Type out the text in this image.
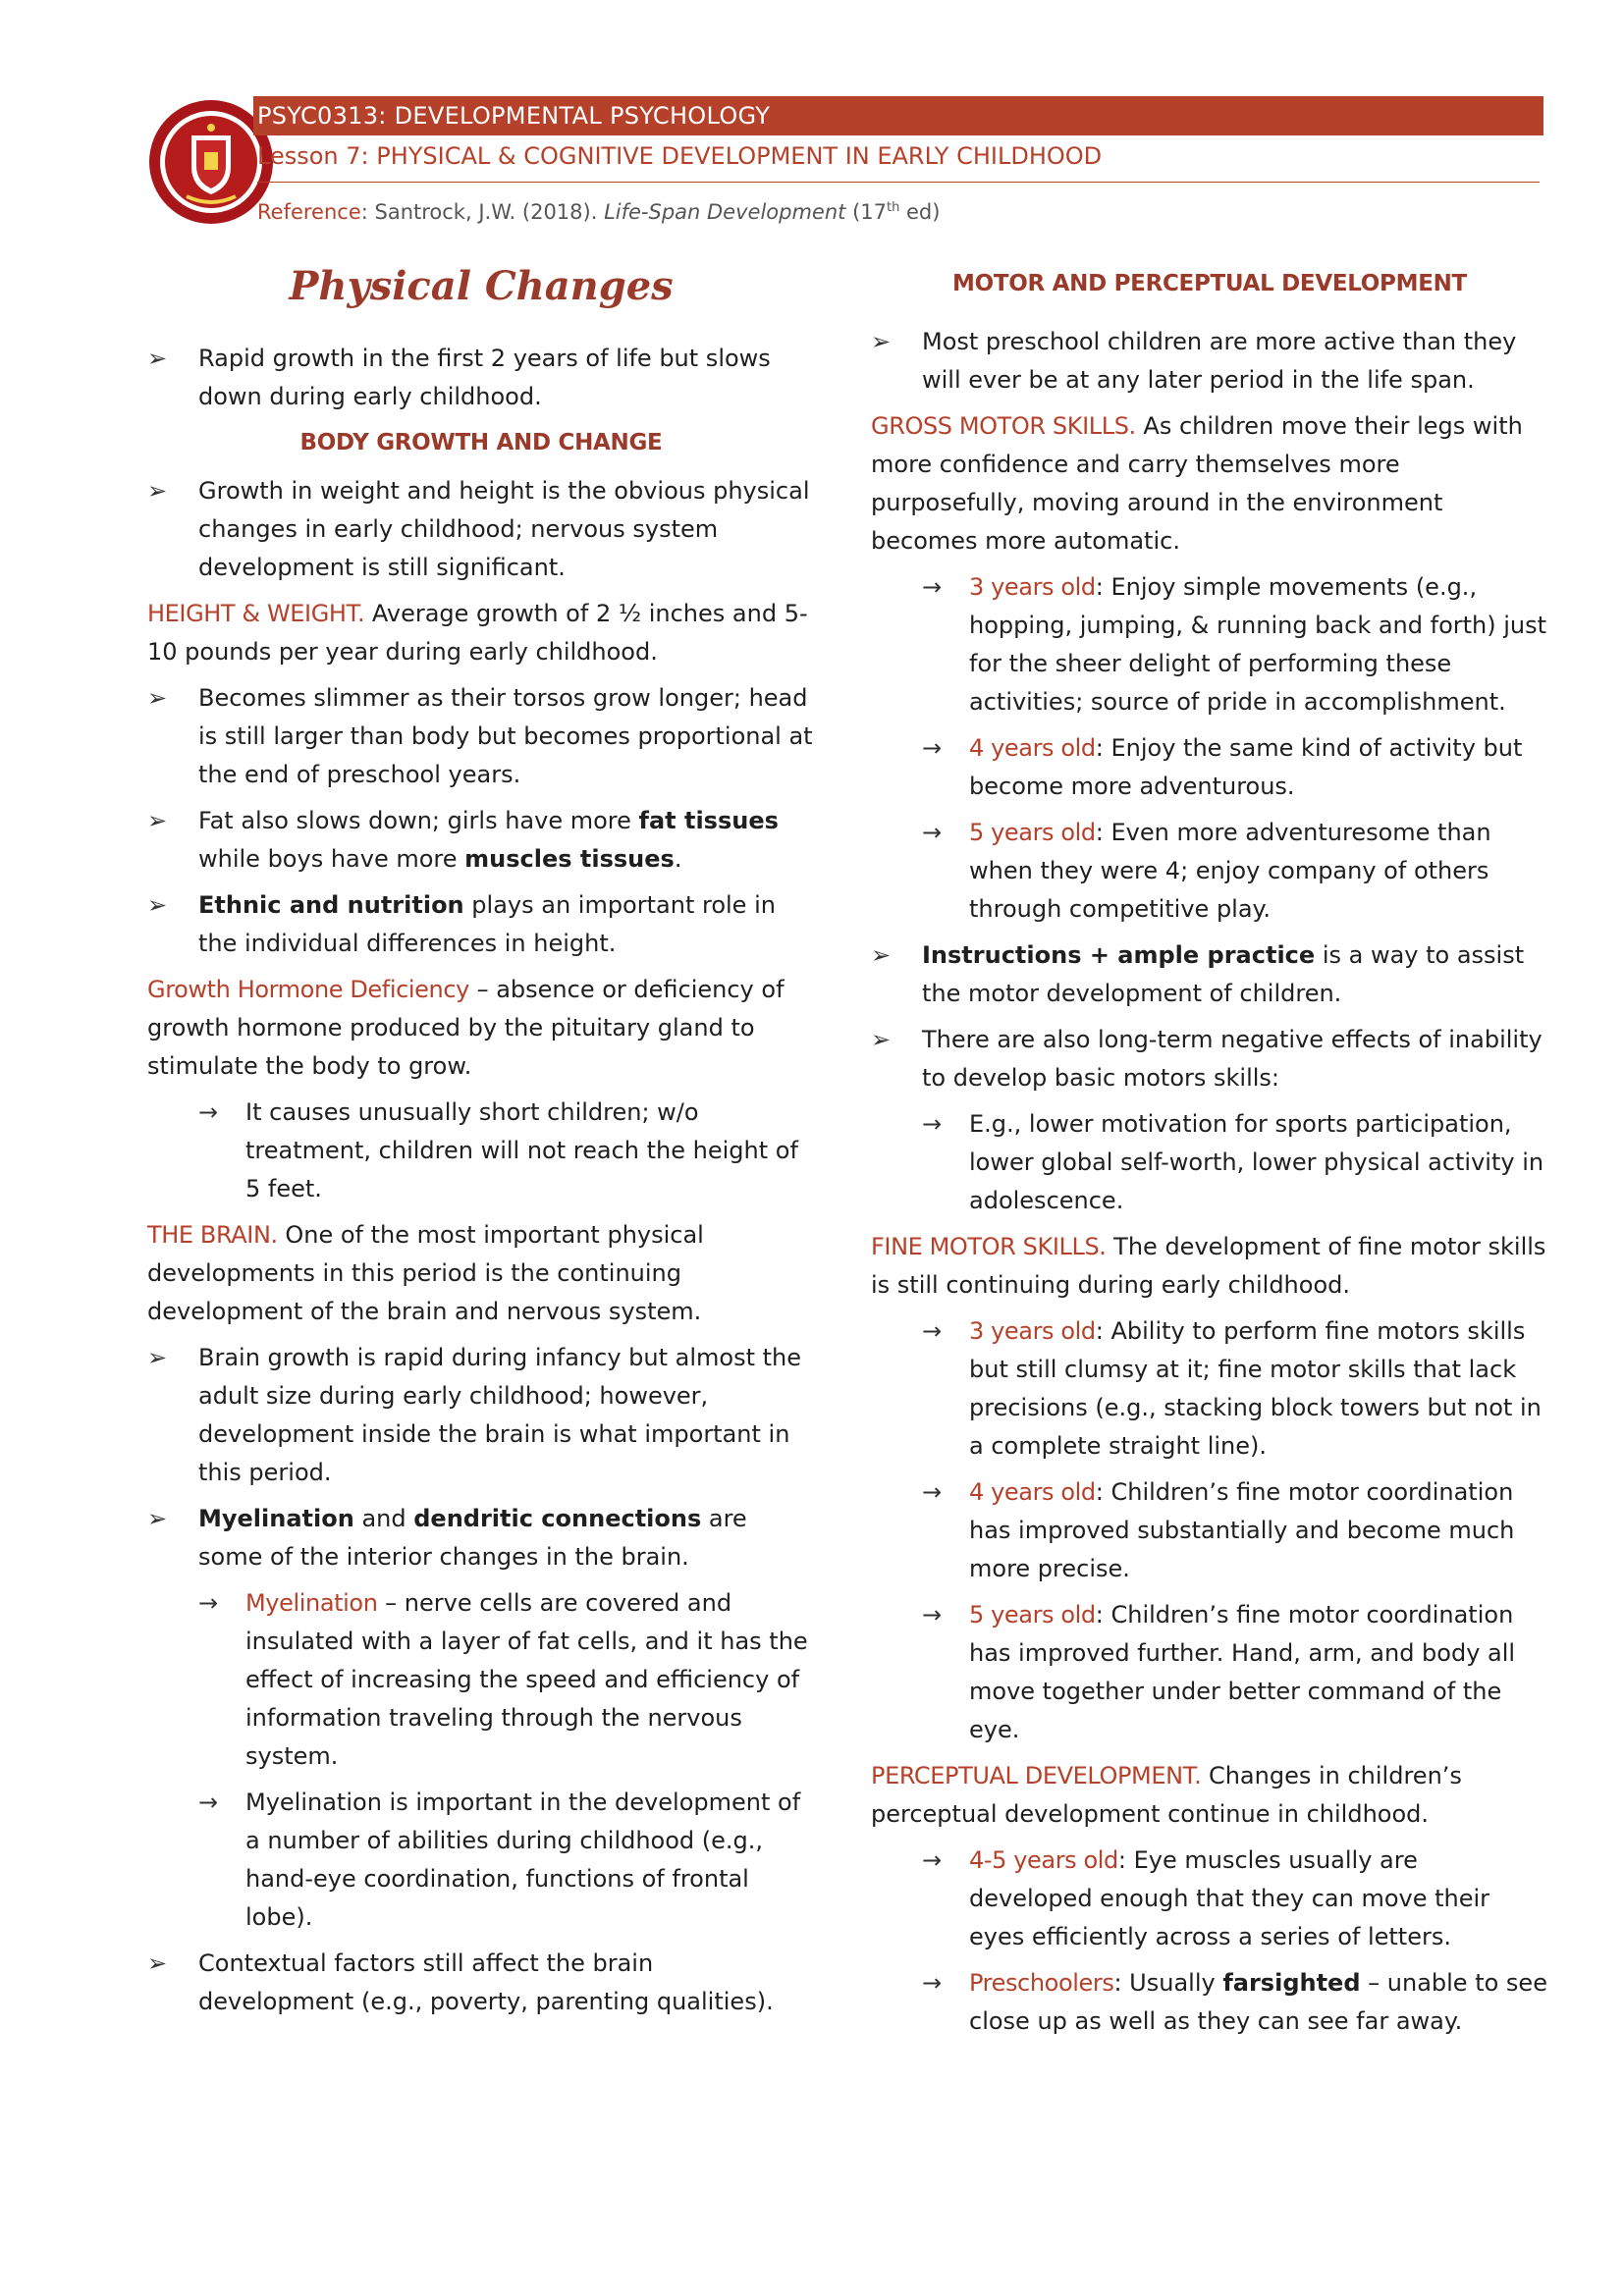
PSYC0313: DEVELOPMENTAL PSYCHOLOGY
Lesson 7: PHYSICAL & COGNITIVE DEVELOPMENT IN EARLY CHILDHOOD
Reference: Santrock, J.W. (2018). Life-Span Development (17th ed)
Physical Changes
➢ Rapid growth in the first 2 years of life but slows down during early childhood.
BODY GROWTH AND CHANGE
➢ Growth in weight and height is the obvious physical changes in early childhood; nervous system development is still significant.

HEIGHT & WEIGHT. Average growth of 2 ½ inches and 5-10 pounds per year during early childhood.

➢ Becomes slimmer as their torsos grow longer; head is still larger than body but becomes proportional at the end of preschool years.
➢ Fat also slows down; girls have more fat tissues while boys have more muscles tissues.
➢ Ethnic and nutrition plays an important role in the individual differences in height.

Growth Hormone Deficiency – absence or deficiency of growth hormone produced by the pituitary gland to stimulate the body to grow.

→ It causes unusually short children; w/o treatment, children will not reach the height of 5 feet.

THE BRAIN. One of the most important physical developments in this period is the continuing development of the brain and nervous system.

➢ Brain growth is rapid during infancy but almost the adult size during early childhood; however, development inside the brain is what important in this period.
➢ Myelination and dendritic connections are some of the interior changes in the brain.
→ Myelination – nerve cells are covered and insulated with a layer of fat cells, and it has the effect of increasing the speed and efficiency of information traveling through the nervous system.
→ Myelination is important in the development of a number of abilities during childhood (e.g., hand-eye coordination, functions of frontal lobe).
➢ Contextual factors still affect the brain development (e.g., poverty, parenting qualities).
MOTOR AND PERCEPTUAL DEVELOPMENT
➢ Most preschool children are more active than they will ever be at any later period in the life span.

GROSS MOTOR SKILLS. As children move their legs with more confidence and carry themselves more purposefully, moving around in the environment becomes more automatic.

→ 3 years old: Enjoy simple movements (e.g., hopping, jumping, & running back and forth) just for the sheer delight of performing these activities; source of pride in accomplishment.
→ 4 years old: Enjoy the same kind of activity but become more adventurous.
→ 5 years old: Even more adventuresome than when they were 4; enjoy company of others through competitive play.
➢ Instructions + ample practice is a way to assist the motor development of children.
➢ There are also long-term negative effects of inability to develop basic motors skills:
→ E.g., lower motivation for sports participation, lower global self-worth, lower physical activity in adolescence.

FINE MOTOR SKILLS. The development of fine motor skills is still continuing during early childhood.

→ 3 years old: Ability to perform fine motors skills but still clumsy at it; fine motor skills that lack precisions (e.g., stacking block towers but not in a complete straight line).
→ 4 years old: Children’s fine motor coordination has improved substantially and become much more precise.
→ 5 years old: Children’s fine motor coordination has improved further. Hand, arm, and body all move together under better command of the eye.

PERCEPTUAL DEVELOPMENT. Changes in children’s perceptual development continue in childhood.

→ 4-5 years old: Eye muscles usually are developed enough that they can move their eyes efficiently across a series of letters.
→ Preschoolers: Usually farsighted – unable to see close up as well as they can see far away.
